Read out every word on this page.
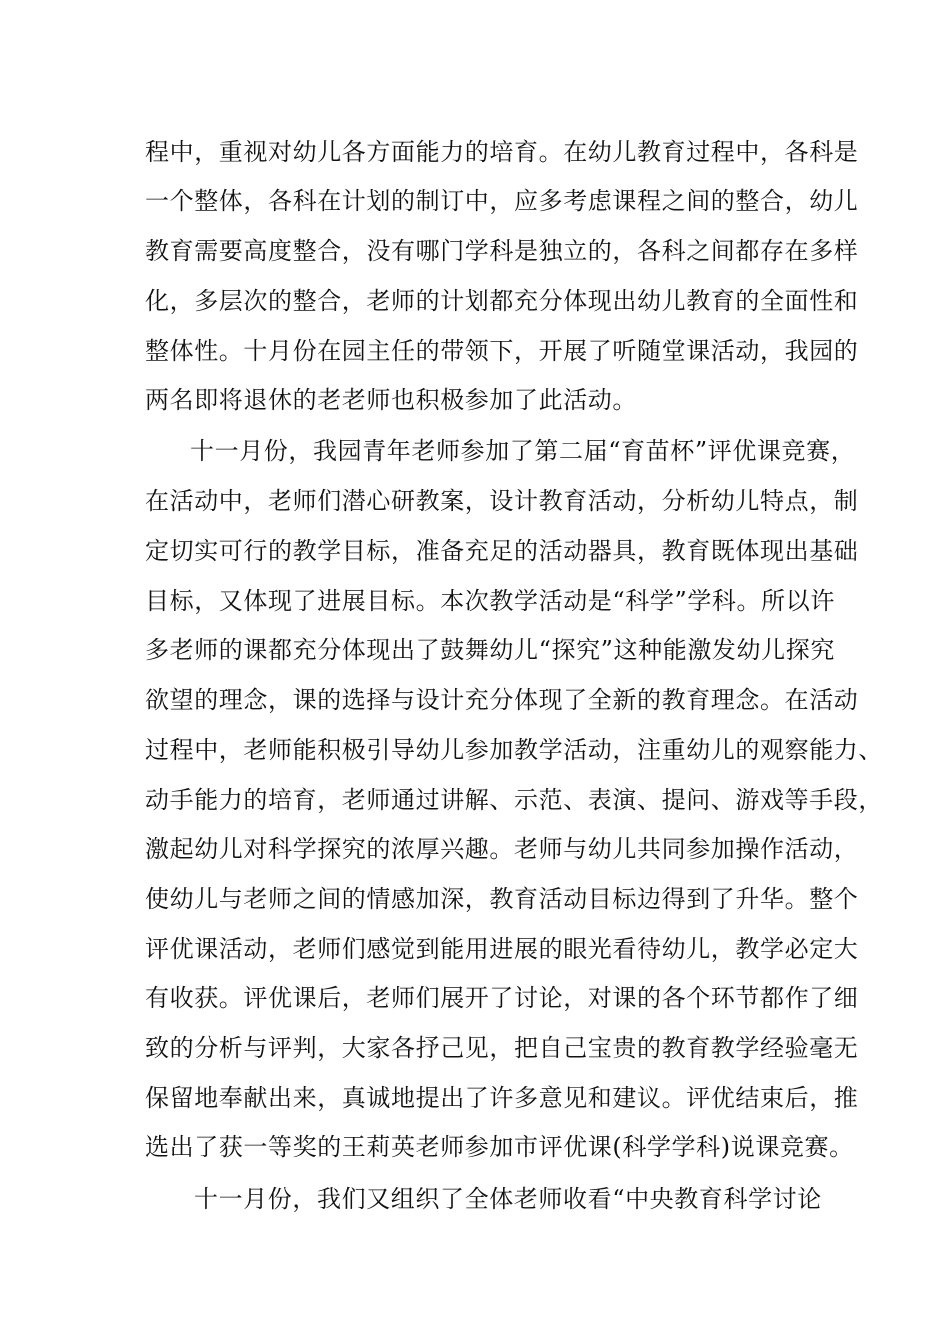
程中，重视对幼儿各方面能力的培育。在幼儿教育过程中，各科是
一个整体，各科在计划的制订中，应多考虑课程之间的整合，幼儿
教育需要高度整合，没有哪门学科是独立的，各科之间都存在多样
化，多层次的整合，老师的计划都充分体现出幼儿教育的全面性和
整体性。十月份在园主任的带领下，开展了听随堂课活动，我园的
两名即将退休的老老师也积极参加了此活动。
十一月份，我园青年老师参加了第二届“育苗杯”评优课竞赛，
在活动中，老师们潜心研教案，设计教育活动，分析幼儿特点，制
定切实可行的教学目标，准备充足的活动器具，教育既体现出基础
目标，又体现了进展目标。本次教学活动是“科学”学科。所以许
多老师的课都充分体现出了鼓舞幼儿“探究”这种能激发幼儿探究
欲望的理念，课的选择与设计充分体现了全新的教育理念。在活动
过程中，老师能积极引导幼儿参加教学活动，注重幼儿的观察能力、
动手能力的培育，老师通过讲解、示范、表演、提问、游戏等手段，
激起幼儿对科学探究的浓厚兴趣。老师与幼儿共同参加操作活动，
使幼儿与老师之间的情感加深，教育活动目标边得到了升华。整个
评优课活动，老师们感觉到能用进展的眼光看待幼儿，教学必定大
有收获。评优课后，老师们展开了讨论，对课的各个环节都作了细
致的分析与评判，大家各抒己见，把自己宝贵的教育教学经验毫无
保留地奉献出来，真诚地提出了许多意见和建议。评优结束后，推
选出了获一等奖的王莉英老师参加市评优课(科学学科)说课竞赛。
十一月份，我们又组织了全体老师收看“中央教育科学讨论
